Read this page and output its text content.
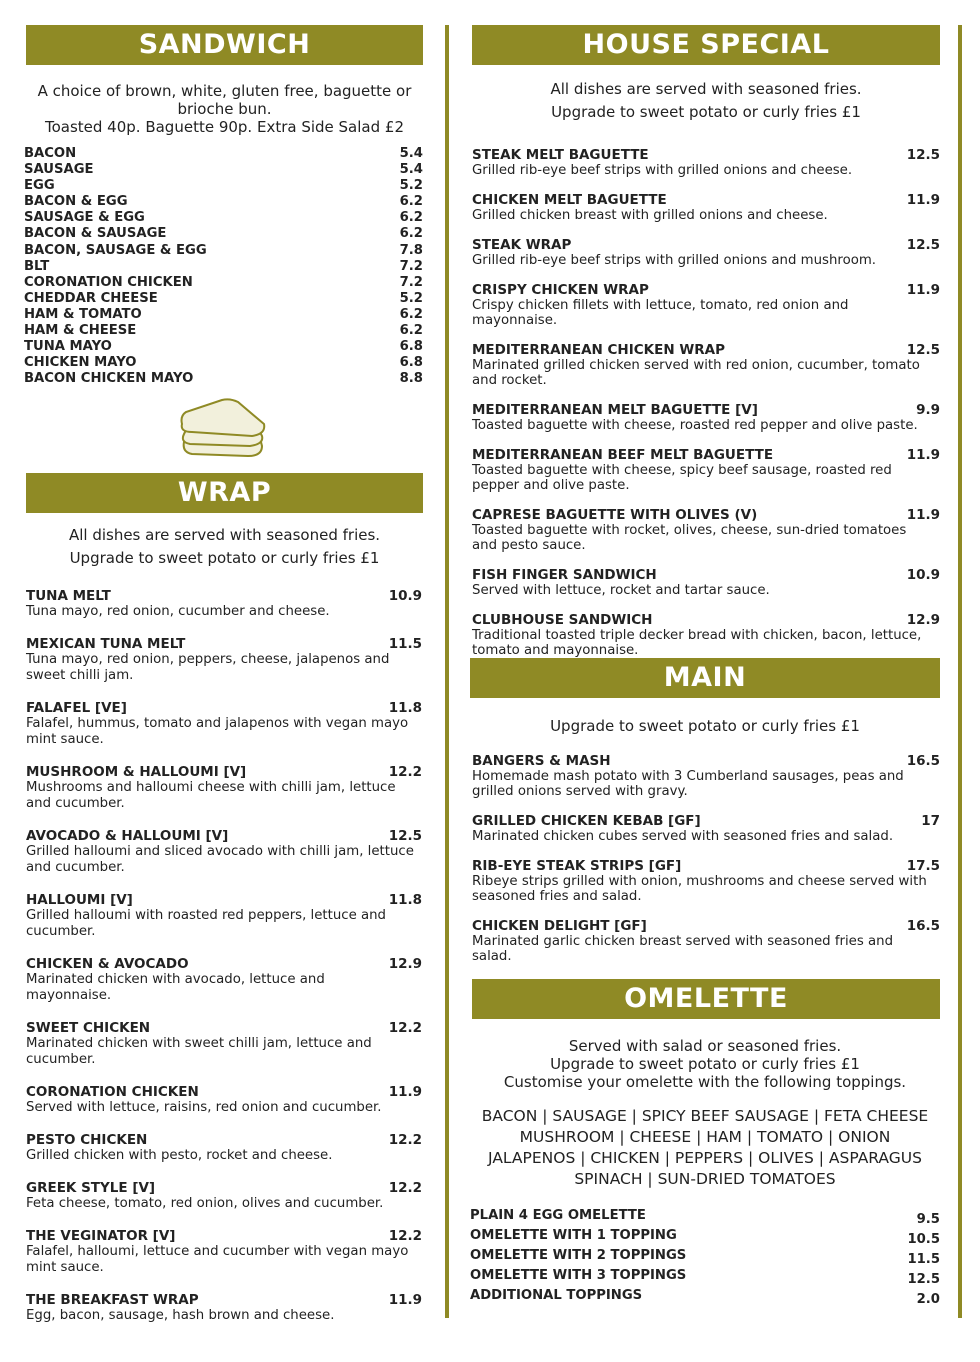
SANDWICH
A choice of brown, white, gluten free, baguette or brioche bun.
Toasted 40p. Baguette 90p. Extra Side Salad £2
BACON	5.4
SAUSAGE	5.4
EGG	5.2
BACON & EGG	6.2
SAUSAGE & EGG	6.2
BACON & SAUSAGE	6.2
BACON, SAUSAGE & EGG	7.8
BLT	7.2
CORONATION CHICKEN	7.2
CHEDDAR CHEESE	5.2
HAM & TOMATO	6.2
HAM & CHEESE	6.2
TUNA MAYO	6.8
CHICKEN MAYO	6.8
BACON CHICKEN MAYO	8.8
WRAP
All dishes are served with seasoned fries.
Upgrade to sweet potato or curly fries £1
TUNA MELT	10.9
Tuna mayo, red onion, cucumber and cheese.
MEXICAN TUNA MELT	11.5
Tuna mayo, red onion, peppers, cheese, jalapenos and sweet chilli jam.
FALAFEL [VE]	11.8
Falafel, hummus, tomato and jalapenos with vegan mayo mint sauce.
MUSHROOM & HALLOUMI [V]	12.2
Mushrooms and halloumi cheese with chilli jam, lettuce and cucumber.
AVOCADO & HALLOUMI [V]	12.5
Grilled halloumi and sliced avocado with chilli jam, lettuce and cucumber.
HALLOUMI [V]	11.8
Grilled halloumi with roasted red peppers, lettuce and cucumber.
CHICKEN & AVOCADO	12.9
Marinated chicken with avocado, lettuce and mayonnaise.
SWEET CHICKEN	12.2
Marinated chicken with sweet chilli jam, lettuce and cucumber.
CORONATION CHICKEN	11.9
Served with lettuce, raisins, red onion and cucumber.
PESTO CHICKEN	12.2
Grilled chicken with pesto, rocket and cheese.
GREEK STYLE [V]	12.2
Feta cheese, tomato, red onion, olives and cucumber.
THE VEGINATOR [V]	12.2
Falafel, halloumi, lettuce and cucumber with vegan mayo mint sauce.
THE BREAKFAST WRAP	11.9
Egg, bacon, sausage, hash brown and cheese.
HOUSE SPECIAL
All dishes are served with seasoned fries.
Upgrade to sweet potato or curly fries £1
STEAK MELT BAGUETTE	12.5
Grilled rib-eye beef strips with grilled onions and cheese.
CHICKEN MELT BAGUETTE	11.9
Grilled chicken breast with grilled onions and cheese.
STEAK WRAP	12.5
Grilled rib-eye beef strips with grilled onions and mushroom.
CRISPY CHICKEN WRAP	11.9
Crispy chicken fillets with lettuce, tomato, red onion and mayonnaise.
MEDITERRANEAN CHICKEN WRAP	12.5
Marinated grilled chicken served with red onion, cucumber, tomato and rocket.
MEDITERRANEAN MELT BAGUETTE [V]	9.9
Toasted baguette with cheese, roasted red pepper and olive paste.
MEDITERRANEAN BEEF MELT BAGUETTE	11.9
Toasted baguette with cheese, spicy beef sausage, roasted red pepper and olive paste.
CAPRESE BAGUETTE WITH OLIVES (V)	11.9
Toasted baguette with rocket, olives, cheese, sun-dried tomatoes and pesto sauce.
FISH FINGER SANDWICH	10.9
Served with lettuce, rocket and tartar sauce.
CLUBHOUSE SANDWICH	12.9
Traditional toasted triple decker bread with chicken, bacon, lettuce, tomato and mayonnaise.
MAIN
Upgrade to sweet potato or curly fries £1
BANGERS & MASH	16.5
Homemade mash potato with 3 Cumberland sausages, peas and grilled onions served with gravy.
GRILLED CHICKEN KEBAB [GF]	17
Marinated chicken cubes served with seasoned fries and salad.
RIB-EYE STEAK STRIPS [GF]	17.5
Ribeye strips grilled with onion, mushrooms and cheese served with seasoned fries and salad.
CHICKEN DELIGHT [GF]	16.5
Marinated garlic chicken breast served with seasoned fries and salad.
OMELETTE
Served with salad or seasoned fries.
Upgrade to sweet potato or curly fries £1
Customise your omelette with the following toppings.
BACON | SAUSAGE | SPICY BEEF SAUSAGE | FETA CHEESE
MUSHROOM | CHEESE | HAM | TOMATO | ONION
JALAPENOS | CHICKEN | PEPPERS | OLIVES | ASPARAGUS
SPINACH | SUN-DRIED TOMATOES
PLAIN 4 EGG OMELETTE	9.5
OMELETTE WITH 1 TOPPING	10.5
OMELETTE WITH 2 TOPPINGS	11.5
OMELETTE WITH 3 TOPPINGS	12.5
ADDITIONAL TOPPINGS	2.0
